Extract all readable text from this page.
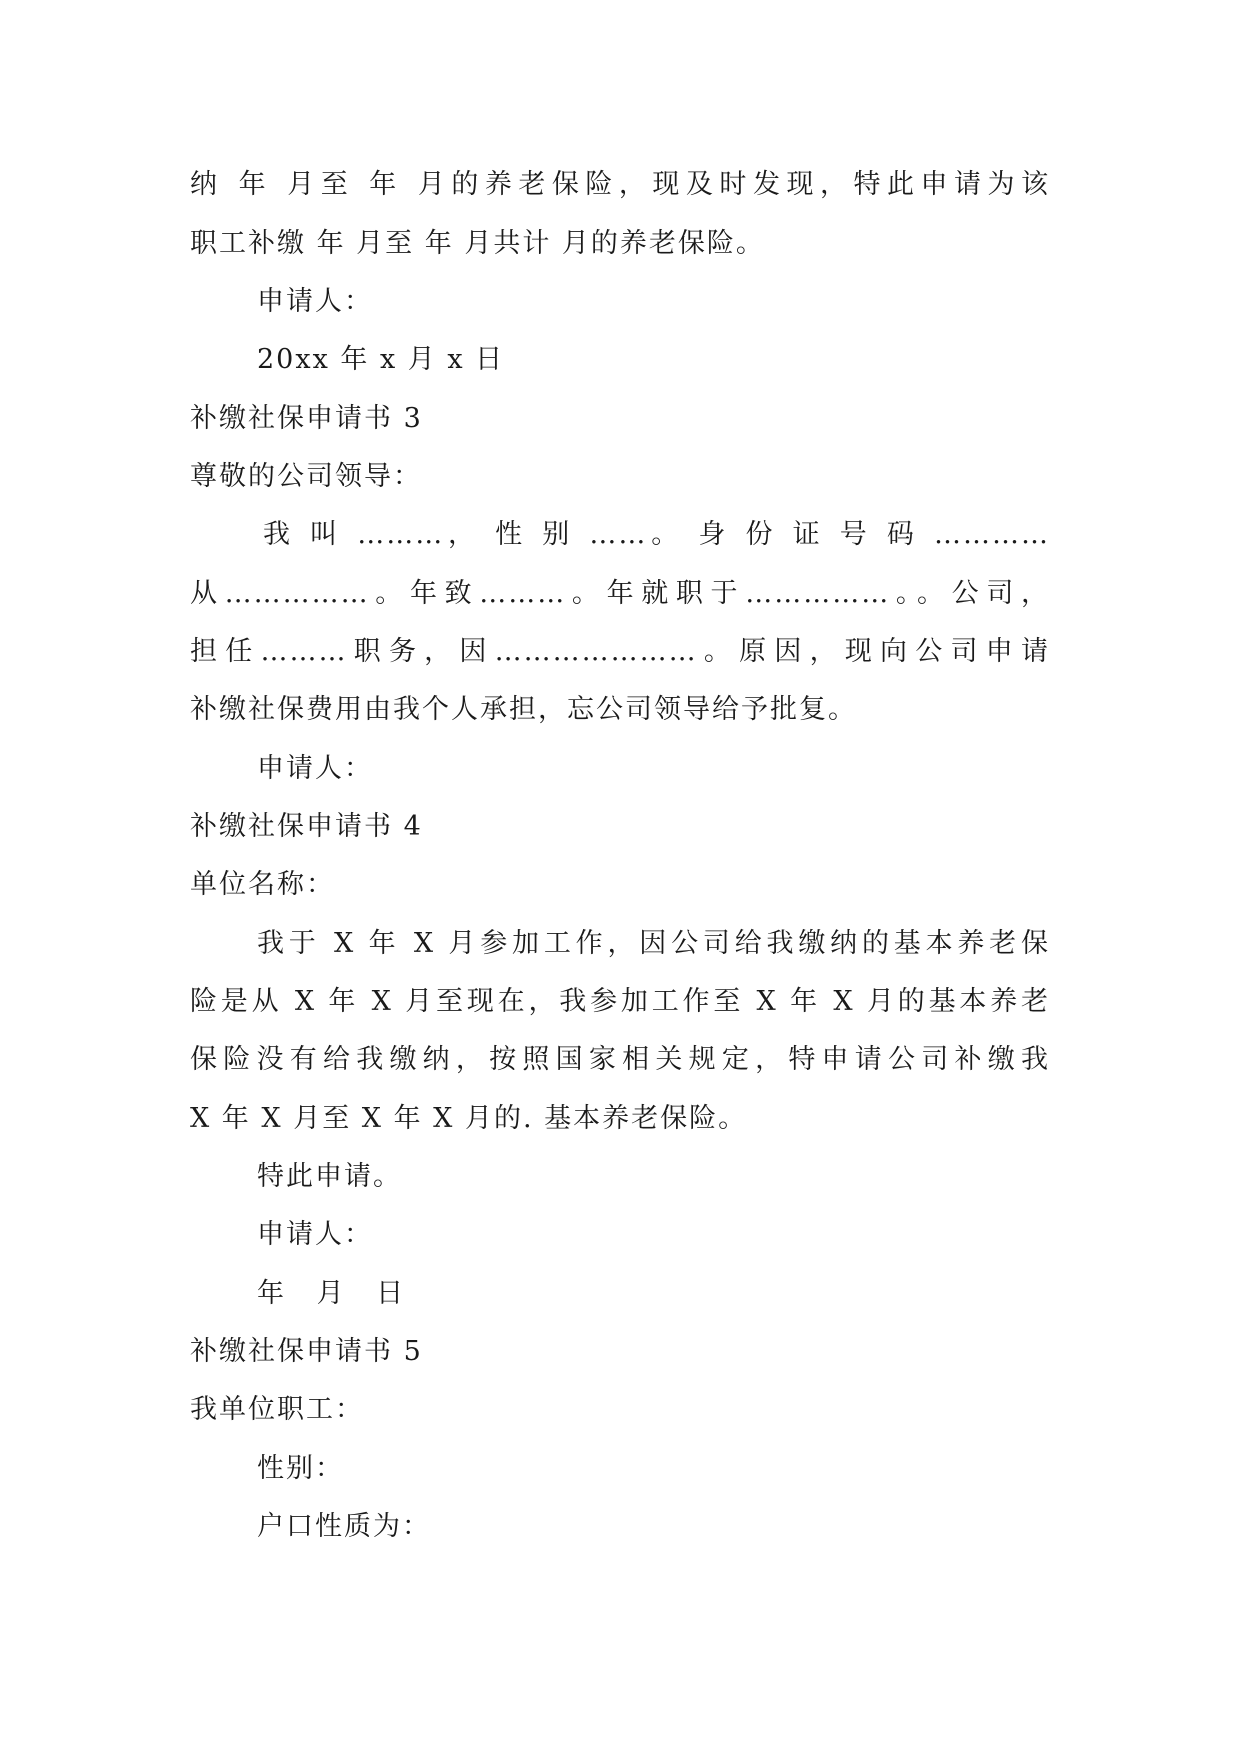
纳 年 月至 年 月的养老保险，现及时发现，特此申请为该
职工补缴 年 月至 年 月共计 月的养老保险。
申请人：
20xx 年 x 月 x 日
补缴社保申请书 3
尊敬的公司领导：
我 叫 ………， 性 别 ……。 身 份 证 号 码 …………
从……………。年致………。年就职于……………。。公司，
担任………职务，因…………………。原因，现向公司申请
补缴社保费用由我个人承担，忘公司领导给予批复。
申请人：
补缴社保申请书 4
单位名称：
我于 X 年 X 月参加工作，因公司给我缴纳的基本养老保
险是从 X 年 X 月至现在，我参加工作至 X 年 X 月的基本养老
保险没有给我缴纳，按照国家相关规定，特申请公司补缴我
X 年 X 月至 X 年 X 月的. 基本养老保险。
特此申请。
申请人：
年 月 日
补缴社保申请书 5
我单位职工：
性别：
户口性质为：
